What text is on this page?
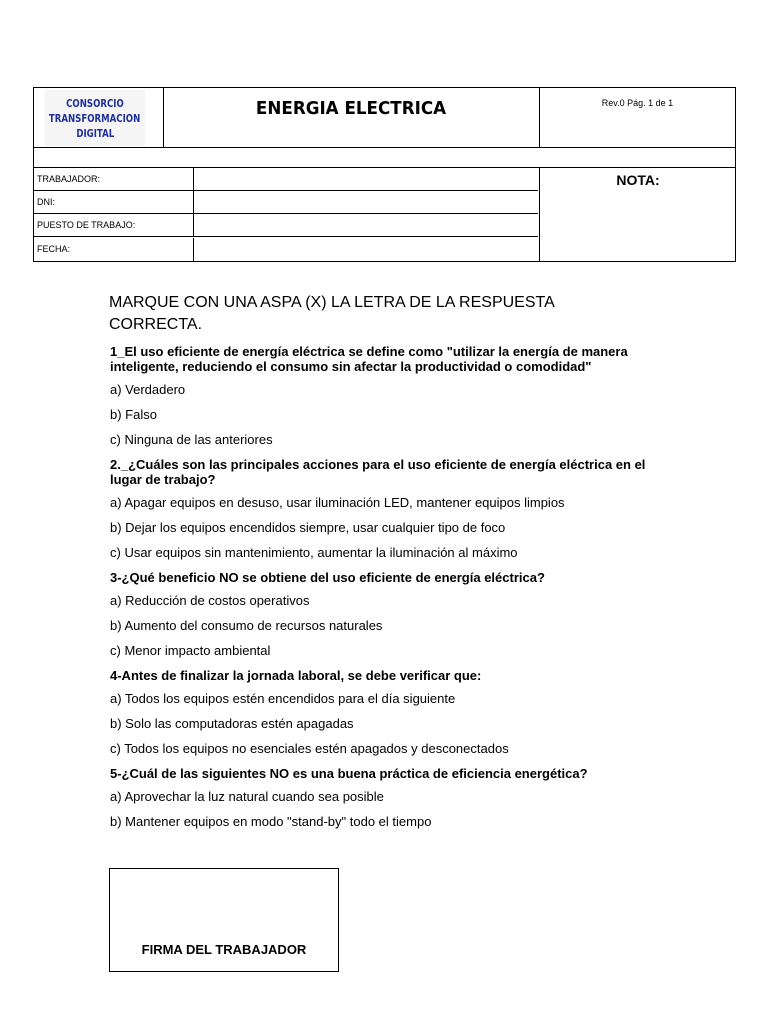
CONSORCIO
TRANSFORMACION
DIGITAL
ENERGIA ELECTRICA	Rev.0 Pág. 1 de 1
TRABAJADOR:
DNI:
PUESTO DE TRABAJO:
FECHA:
NOTA:
MARQUE CON UNA ASPA (X) LA LETRA DE LA RESPUESTA CORRECTA.

1_El uso eficiente de energía eléctrica se define como "utilizar la energía de manera inteligente, reduciendo el consumo sin afectar la productividad o comodidad"

a) Verdadero

b) Falso

c) Ninguna de las anteriores

2._¿Cuáles son las principales acciones para el uso eficiente de energía eléctrica en el lugar de trabajo?

a) Apagar equipos en desuso, usar iluminación LED, mantener equipos limpios

b) Dejar los equipos encendidos siempre, usar cualquier tipo de foco

c) Usar equipos sin mantenimiento, aumentar la iluminación al máximo

3-¿Qué beneficio NO se obtiene del uso eficiente de energía eléctrica?

a) Reducción de costos operativos

b) Aumento del consumo de recursos naturales

c) Menor impacto ambiental

4-Antes de finalizar la jornada laboral, se debe verificar que:

a) Todos los equipos estén encendidos para el día siguiente

b) Solo las computadoras estén apagadas

c) Todos los equipos no esenciales estén apagados y desconectados

5-¿Cuál de las siguientes NO es una buena práctica de eficiencia energética?

a) Aprovechar la luz natural cuando sea posible

b) Mantener equipos en modo "stand-by" todo el tiempo

FIRMA DEL TRABAJADOR
